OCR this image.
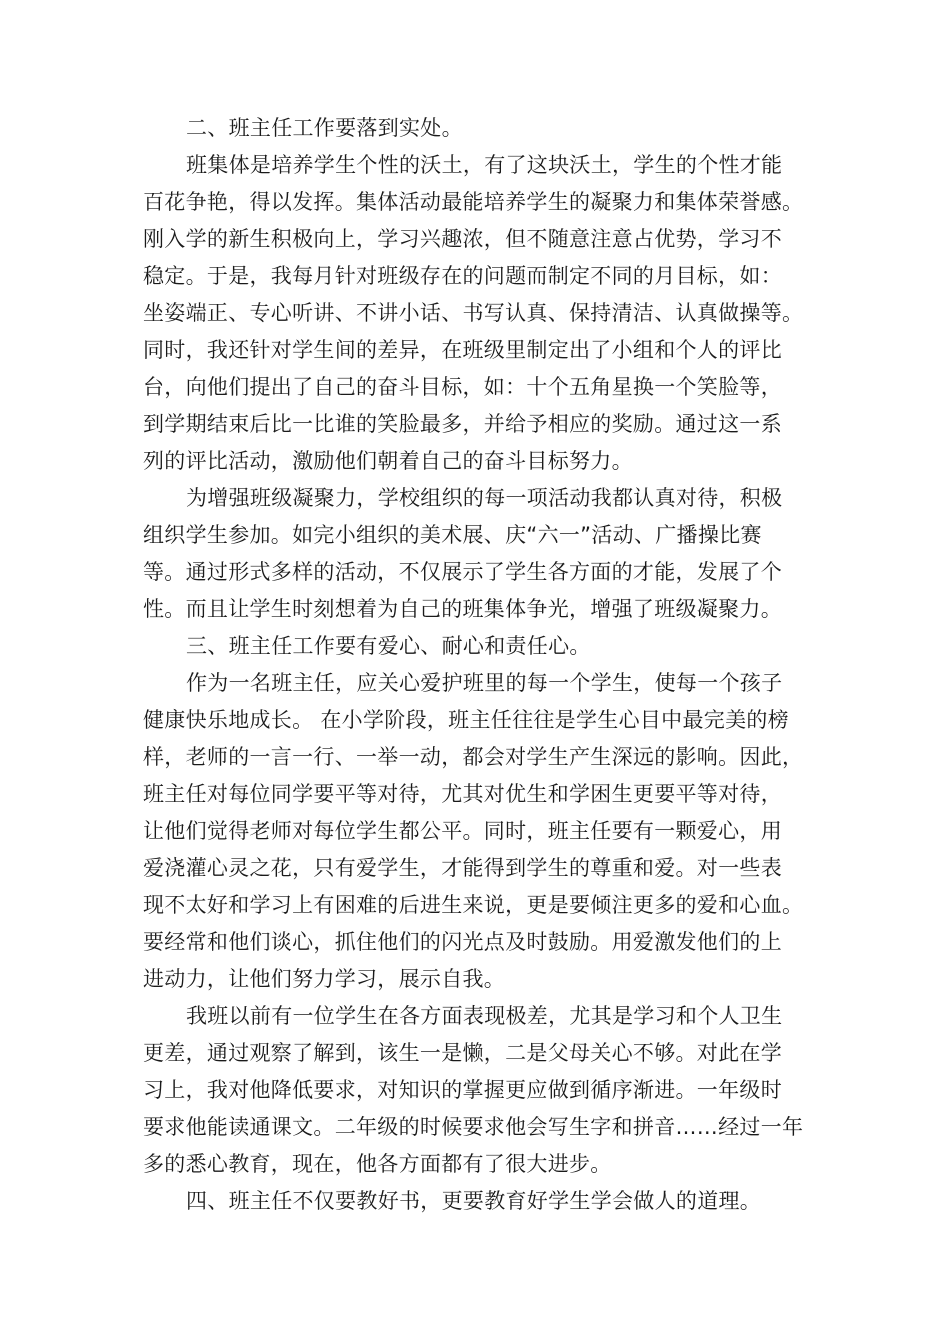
二、班主任工作要落到实处。
班集体是培养学生个性的沃土，有了这块沃土，学生的个性才能
百花争艳，得以发挥。集体活动最能培养学生的凝聚力和集体荣誉感。
刚入学的新生积极向上，学习兴趣浓，但不随意注意占优势，学习不
稳定。于是，我每月针对班级存在的问题而制定不同的月目标，如：
坐姿端正、专心听讲、不讲小话、书写认真、保持清洁、认真做操等。
同时，我还针对学生间的差异，在班级里制定出了小组和个人的评比
台，向他们提出了自己的奋斗目标，如：十个五角星换一个笑脸等，
到学期结束后比一比谁的笑脸最多，并给予相应的奖励。通过这一系
列的评比活动，激励他们朝着自己的奋斗目标努力。
为增强班级凝聚力，学校组织的每一项活动我都认真对待，积极
组织学生参加。如完小组织的美术展、庆“六一”活动、广播操比赛
等。通过形式多样的活动，不仅展示了学生各方面的才能，发展了个
性。而且让学生时刻想着为自己的班集体争光，增强了班级凝聚力。
三、班主任工作要有爱心、耐心和责任心。
作为一名班主任，应关心爱护班里的每一个学生，使每一个孩子
健康快乐地成长。 在小学阶段，班主任往往是学生心目中最完美的榜
样，老师的一言一行、一举一动，都会对学生产生深远的影响。因此，
班主任对每位同学要平等对待，尤其对优生和学困生更要平等对待，
让他们觉得老师对每位学生都公平。同时，班主任要有一颗爱心，用
爱浇灌心灵之花，只有爱学生，才能得到学生的尊重和爱。对一些表
现不太好和学习上有困难的后进生来说，更是要倾注更多的爱和心血。
要经常和他们谈心，抓住他们的闪光点及时鼓励。用爱激发他们的上
进动力，让他们努力学习，展示自我。
我班以前有一位学生在各方面表现极差，尤其是学习和个人卫生
更差，通过观察了解到，该生一是懒，二是父母关心不够。对此在学
习上，我对他降低要求，对知识的掌握更应做到循序渐进。一年级时
要求他能读通课文。二年级的时候要求他会写生字和拼音……经过一年
多的悉心教育，现在，他各方面都有了很大进步。
四、班主任不仅要教好书，更要教育好学生学会做人的道理。
